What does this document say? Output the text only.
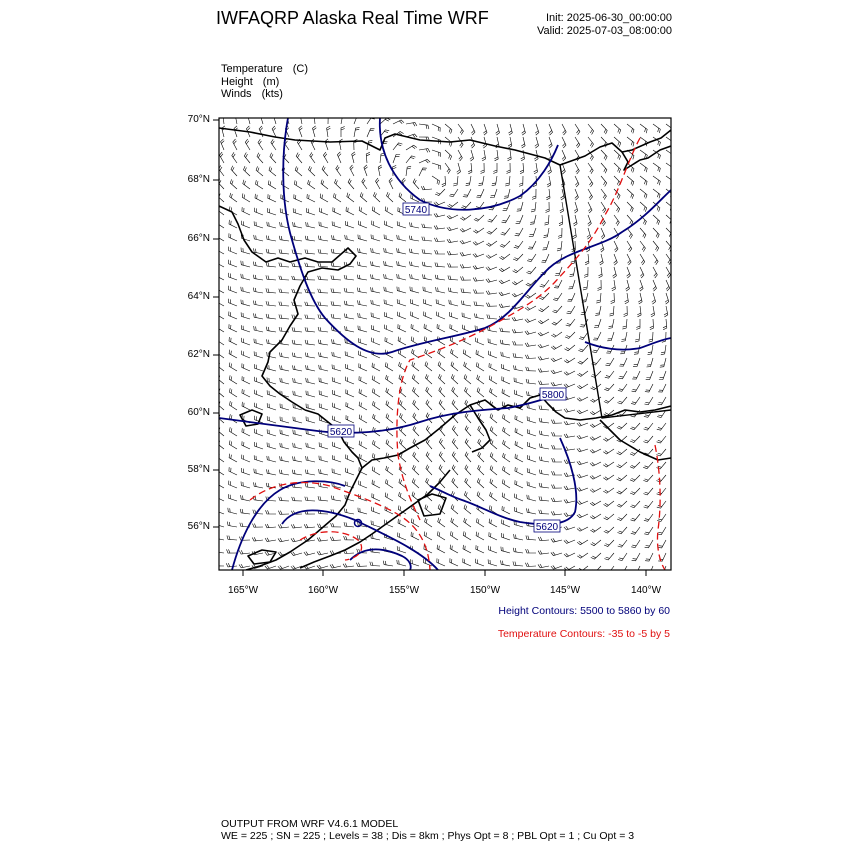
IWFAQRP Alaska Real Time WRF	Init: 2025-06-30_00:00:00
Valid: 2025-07-03_08:00:00
Temperature (C)
Height (m)
Winds (kts)
5740
5800
5620
5620
70°N
68°N
66°N
64°N
62°N
60°N
58°N
56°N
165°W	160°W	155°W	150°W	145°W	140°W
Height Contours: 5500 to 5860 by 60
Temperature Contours: -35 to -5 by 5
OUTPUT FROM WRF V4.6.1 MODEL
WE = 225 ; SN = 225 ; Levels = 38 ; Dis = 8km ; Phys Opt = 8 ; PBL Opt = 1 ; Cu Opt = 3
